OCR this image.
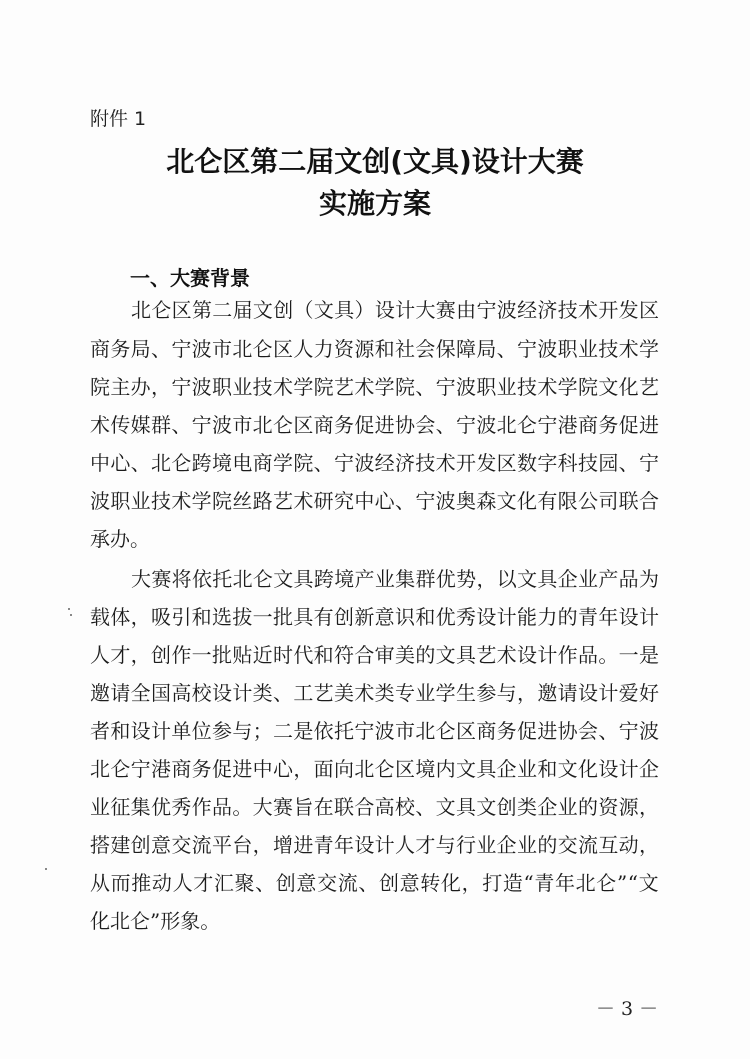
附件 1
北仑区第二届文创(文具)设计大赛
实施方案
一、大赛背景
北仑区第二届文创（文具）设计大赛由宁波经济技术开发区
商务局、宁波市北仑区人力资源和社会保障局、宁波职业技术学
院主办，宁波职业技术学院艺术学院、宁波职业技术学院文化艺
术传媒群、宁波市北仑区商务促进协会、宁波北仑宁港商务促进
中心、北仑跨境电商学院、宁波经济技术开发区数字科技园、宁
波职业技术学院丝路艺术研究中心、宁波奥森文化有限公司联合
承办。
大赛将依托北仑文具跨境产业集群优势，以文具企业产品为
载体，吸引和选拔一批具有创新意识和优秀设计能力的青年设计
人才，创作一批贴近时代和符合审美的文具艺术设计作品。一是
邀请全国高校设计类、工艺美术类专业学生参与，邀请设计爱好
者和设计单位参与；二是依托宁波市北仑区商务促进协会、宁波
北仑宁港商务促进中心，面向北仑区境内文具企业和文化设计企
业征集优秀作品。大赛旨在联合高校、文具文创类企业的资源，
搭建创意交流平台，增进青年设计人才与行业企业的交流互动，
从而推动人才汇聚、创意交流、创意转化，打造“青年北仑”“文
化北仑”形象。
－ 3 －
